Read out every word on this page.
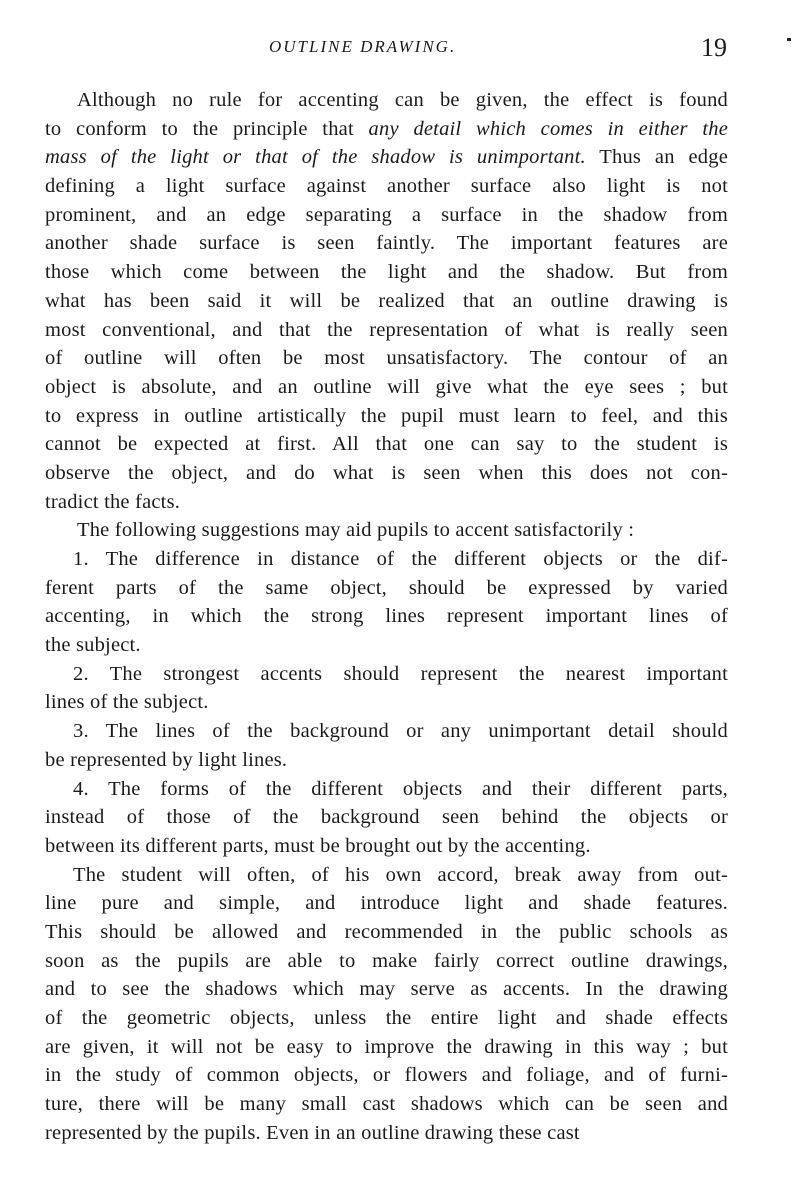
OUTLINE DRAWING.	19
Although no rule for accenting can be given, the effect is found
to conform to the principle that any detail which comes in either the
mass of the light or that of the shadow is unimportant. Thus an edge
defining a light surface against another surface also light is not
prominent, and an edge separating a surface in the shadow from
another shade surface is seen faintly. The important features are
those which come between the light and the shadow. But from
what has been said it will be realized that an outline drawing is
most conventional, and that the representation of what is really seen
of outline will often be most unsatisfactory. The contour of an
object is absolute, and an outline will give what the eye sees ; but
to express in outline artistically the pupil must learn to feel, and this
cannot be expected at first. All that one can say to the student is
observe the object, and do what is seen when this does not con-
tradict the facts.
The following suggestions may aid pupils to accent satisfactorily :
1. The difference in distance of the different objects or the dif-
ferent parts of the same object, should be expressed by varied
accenting, in which the strong lines represent important lines of
the subject.
2. The strongest accents should represent the nearest important
lines of the subject.
3. The lines of the background or any unimportant detail should
be represented by light lines.
4. The forms of the different objects and their different parts,
instead of those of the background seen behind the objects or
between its different parts, must be brought out by the accenting.
The student will often, of his own accord, break away from out-
line pure and simple, and introduce light and shade features.
This should be allowed and recommended in the public schools as
soon as the pupils are able to make fairly correct outline drawings,
and to see the shadows which may serve as accents. In the drawing
of the geometric objects, unless the entire light and shade effects
are given, it will not be easy to improve the drawing in this way ; but
in the study of common objects, or flowers and foliage, and of furni-
ture, there will be many small cast shadows which can be seen and
represented by the pupils. Even in an outline drawing these cast
